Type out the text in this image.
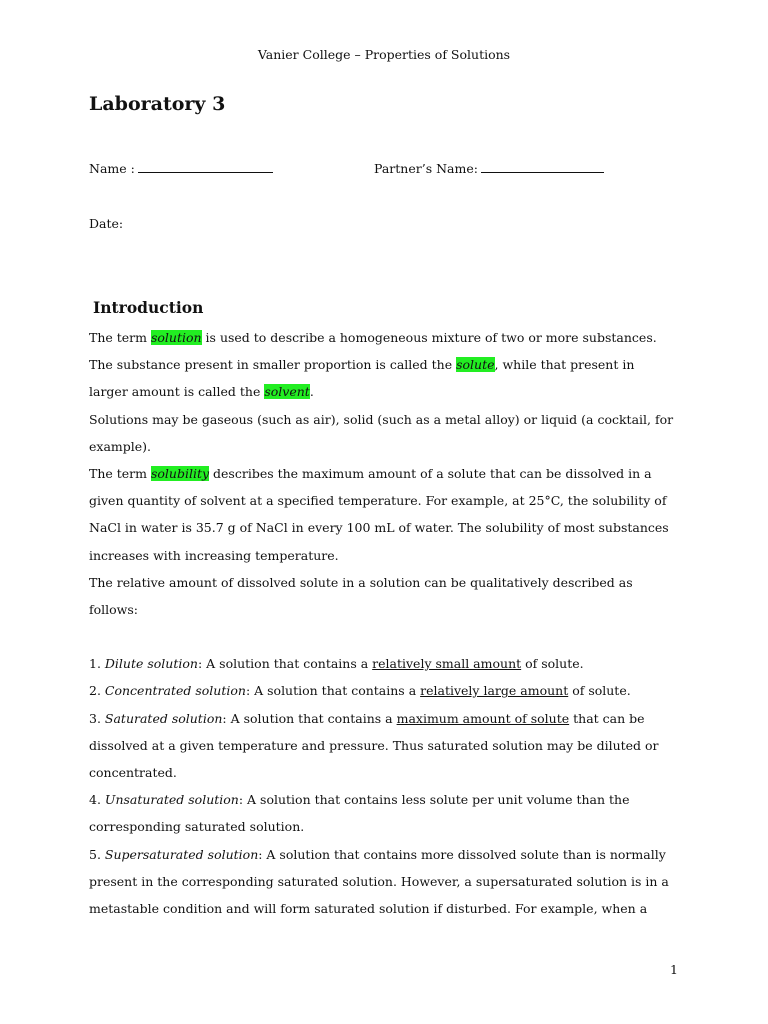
Vanier College – Properties of Solutions
Laboratory 3
Name :	Partner’s Name:
Date:
Introduction
The term solution is used to describe a homogeneous mixture of two or more substances.
The substance present in smaller proportion is called the solute, while that present in
larger amount is called the solvent.
Solutions may be gaseous (such as air), solid (such as a metal alloy) or liquid (a cocktail, for
example).
The term solubility describes the maximum amount of a solute that can be dissolved in a
given quantity of solvent at a specified temperature. For example, at 25°C, the solubility of
NaCl in water is 35.7 g of NaCl in every 100 mL of water. The solubility of most substances
increases with increasing temperature.
The relative amount of dissolved solute in a solution can be qualitatively described as
follows:
1. Dilute solution: A solution that contains a relatively small amount of solute.
2. Concentrated solution: A solution that contains a relatively large amount of solute.
3. Saturated solution: A solution that contains a maximum amount of solute that can be
dissolved at a given temperature and pressure. Thus saturated solution may be diluted or
concentrated.
4. Unsaturated solution: A solution that contains less solute per unit volume than the
corresponding saturated solution.
5. Supersaturated solution: A solution that contains more dissolved solute than is normally
present in the corresponding saturated solution. However, a supersaturated solution is in a
metastable condition and will form saturated solution if disturbed. For example, when a
1
